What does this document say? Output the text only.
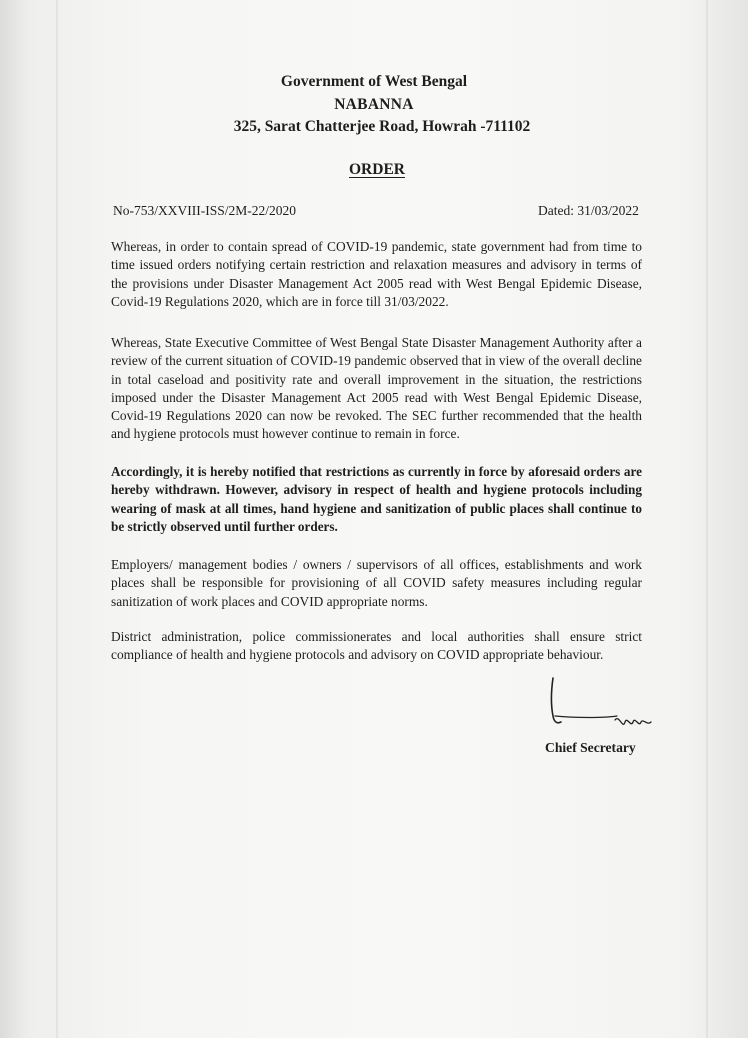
Government of West Bengal
NABANNA
325, Sarat Chatterjee Road, Howrah -711102
ORDER
No-753/XXVIII-ISS/2M-22/2020	Dated: 31/03/2022
Whereas, in order to contain spread of COVID-19 pandemic, state government had from time to time issued orders notifying certain restriction and relaxation measures and advisory in terms of the provisions under Disaster Management Act 2005 read with West Bengal Epidemic Disease, Covid-19 Regulations 2020, which are in force till 31/03/2022.
Whereas, State Executive Committee of West Bengal State Disaster Management Authority after a review of the current situation of COVID-19 pandemic observed that in view of the overall decline in total caseload and positivity rate and overall improvement in the situation, the restrictions imposed under the Disaster Management Act 2005 read with West Bengal Epidemic Disease, Covid-19 Regulations 2020 can now be revoked. The SEC further recommended that the health and hygiene protocols must however continue to remain in force.
Accordingly, it is hereby notified that restrictions as currently in force by aforesaid orders are hereby withdrawn. However, advisory in respect of health and hygiene protocols including wearing of mask at all times, hand hygiene and sanitization of public places shall continue to be strictly observed until further orders.
Employers/ management bodies / owners / supervisors of all offices, establishments and work places shall be responsible for provisioning of all COVID safety measures including regular sanitization of work places and COVID appropriate norms.
District administration, police commissionerates and local authorities shall ensure strict compliance of health and hygiene protocols and advisory on COVID appropriate behaviour.
Chief Secretary
